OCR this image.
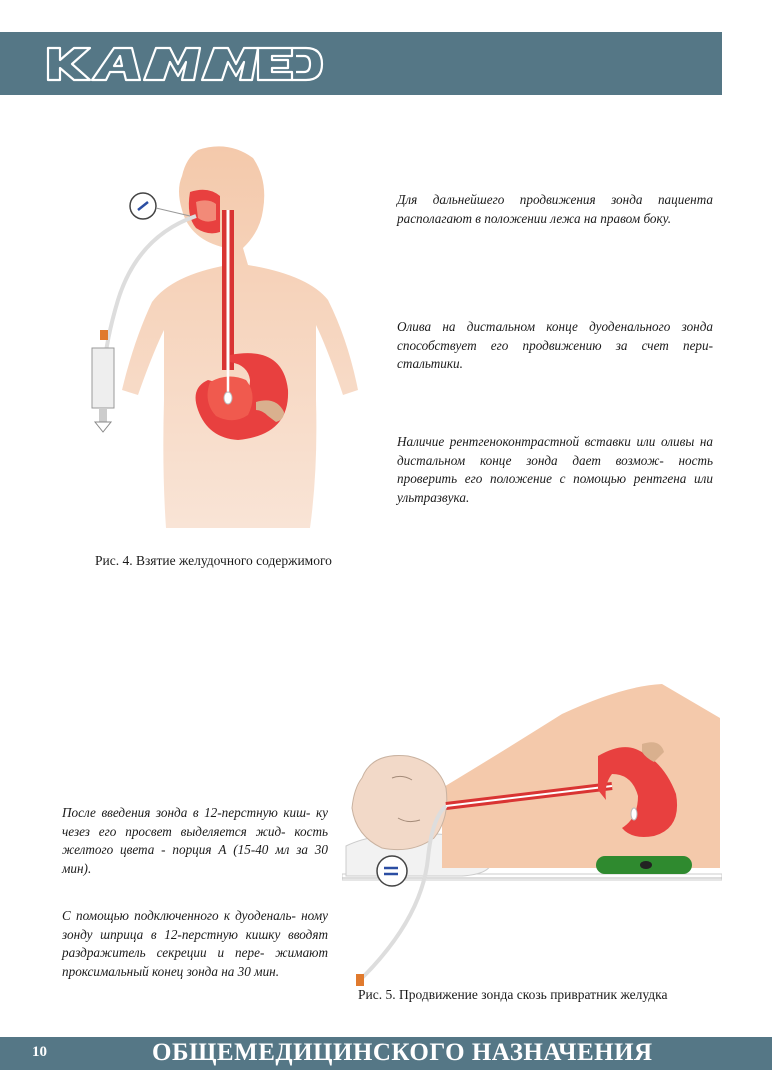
Рис. 4. Взятие желудочного содержимого

Для дальнейшего продвижения зонда пациента располагают в положении лежа на правом боку.

Олива на дистальном конце дуоденального зонда способствует его продвижению за счет пери- стальтики.

Наличие рентгеноконтрастной вставки или оливы на дистальном конце зонда дает возмож- ность проверить его положение с помощью рентгена или ультразвука.

Рис. 5. Продвижение зонда скозь привратник желудка

После введения зонда в 12-перстную киш- ку чезез его просвет выделяется жид- кость желтого цвета - порция А (15-40 мл за 30 мин).

С помощью подключенного к дуоденаль- ному зонду шприца в 12-перстную кишку вводят раздражитель секреции и пере- жимают проксимальный конец зонда на 30 мин.

10	ОБЩЕМЕДИЦИНСКОГО НАЗНАЧЕНИЯ
